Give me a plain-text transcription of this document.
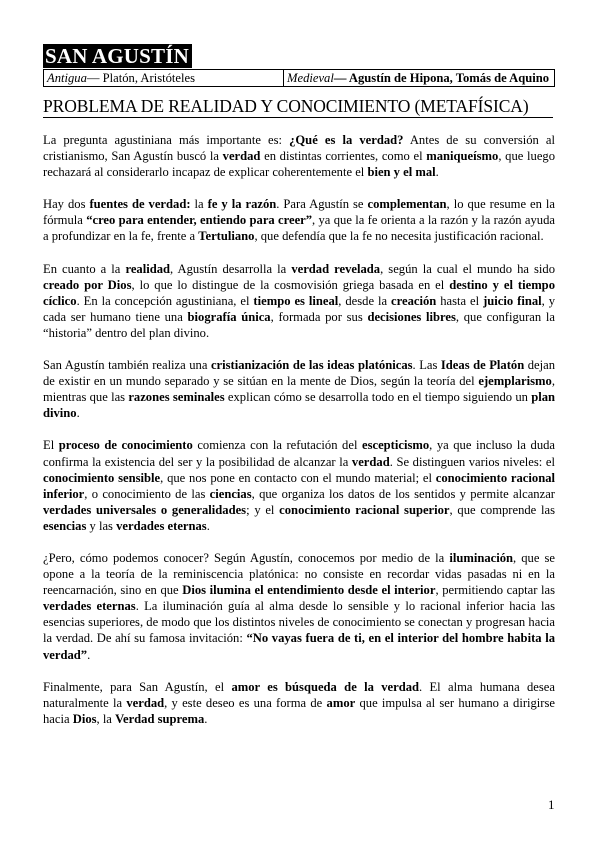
SAN AGUSTÍN
Antigua— Platón, Aristóteles	Medieval— Agustín de Hipona, Tomás de Aquino
PROBLEMA DE REALIDAD Y CONOCIMIENTO (METAFÍSICA)

La pregunta agustiniana más importante es: ¿Qué es la verdad? Antes de su conversión al cristianismo, San Agustín buscó la verdad en distintas corrientes, como el maniqueísmo, que luego rechazará al considerarlo incapaz de explicar coherentemente el bien y el mal.

Hay dos fuentes de verdad: la fe y la razón. Para Agustín se complementan, lo que resume en la fórmula “creo para entender, entiendo para creer”, ya que la fe orienta a la razón y la razón ayuda a profundizar en la fe, frente a Tertuliano, que defendía que la fe no necesita justificación racional.

En cuanto a la realidad, Agustín desarrolla la verdad revelada, según la cual el mundo ha sido creado por Dios, lo que lo distingue de la cosmovisión griega basada en el destino y el tiempo cíclico. En la concepción agustiniana, el tiempo es lineal, desde la creación hasta el juicio final, y cada ser humano tiene una biografía única, formada por sus decisiones libres, que configuran la “historia” dentro del plan divino.

San Agustín también realiza una cristianización de las ideas platónicas. Las Ideas de Platón dejan de existir en un mundo separado y se sitúan en la mente de Dios, según la teoría del ejemplarismo, mientras que las razones seminales explican cómo se desarrolla todo en el tiempo siguiendo un plan divino.

El proceso de conocimiento comienza con la refutación del escepticismo, ya que incluso la duda confirma la existencia del ser y la posibilidad de alcanzar la verdad. Se distinguen varios niveles: el conocimiento sensible, que nos pone en contacto con el mundo material; el conocimiento racional inferior, o conocimiento de las ciencias, que organiza los datos de los sentidos y permite alcanzar verdades universales o generalidades; y el conocimiento racional superior, que comprende las esencias y las verdades eternas.

¿Pero, cómo podemos conocer? Según Agustín, conocemos por medio de la iluminación, que se opone a la teoría de la reminiscencia platónica: no consiste en recordar vidas pasadas ni en la reencarnación, sino en que Dios ilumina el entendimiento desde el interior, permitiendo captar las verdades eternas. La iluminación guía al alma desde lo sensible y lo racional inferior hacia las esencias superiores, de modo que los distintos niveles de conocimiento se conectan y progresan hacia la verdad. De ahí su famosa invitación: “No vayas fuera de ti, en el interior del hombre habita la verdad”.

Finalmente, para San Agustín, el amor es búsqueda de la verdad. El alma humana desea naturalmente la verdad, y este deseo es una forma de amor que impulsa al ser humano a dirigirse hacia Dios, la Verdad suprema.

1
